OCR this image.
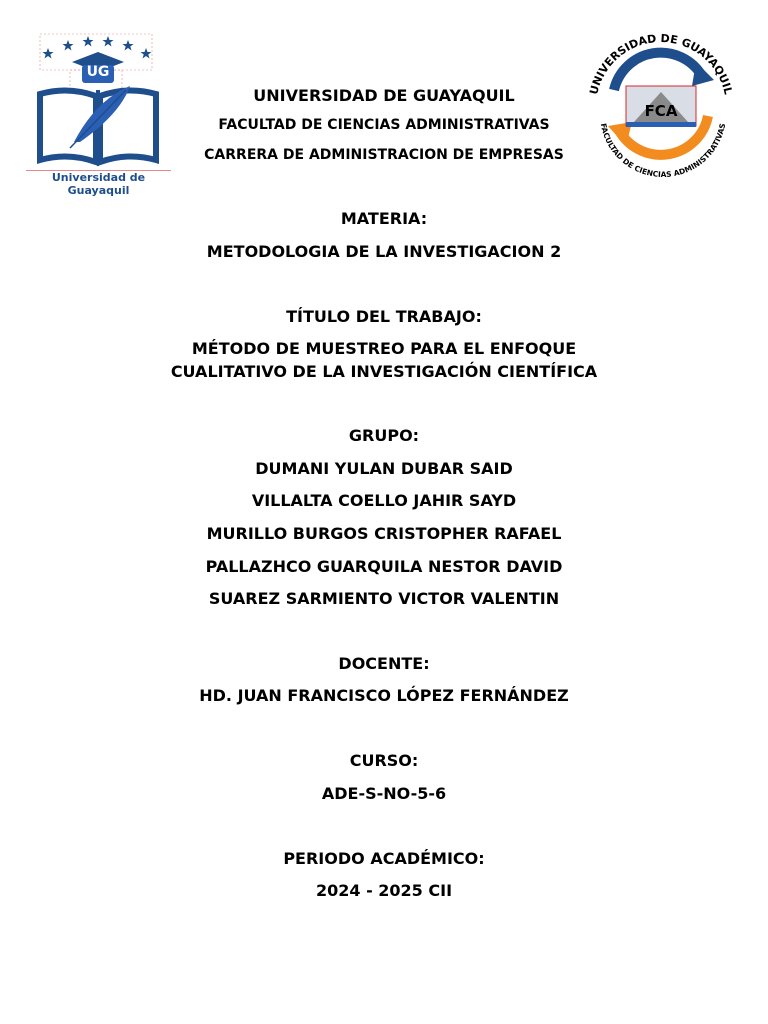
Universidad de Guayaquil
UG
UNIVERSIDAD DE GUAYAQUIL
FACULTAD DE CIENCIAS ADMINISTRATIVAS
FCA
UNIVERSIDAD DE GUAYAQUIL
FACULTAD DE CIENCIAS ADMINISTRATIVAS
CARRERA DE ADMINISTRACION DE EMPRESAS
MATERIA:
METODOLOGIA DE LA INVESTIGACION 2
TÍTULO DEL TRABAJO:
MÉTODO DE MUESTREO PARA EL ENFOQUE
CUALITATIVO DE LA INVESTIGACIÓN CIENTÍFICA
GRUPO:
DUMANI YULAN DUBAR SAID
VILLALTA COELLO JAHIR SAYD
MURILLO BURGOS CRISTOPHER RAFAEL
PALLAZHCO GUARQUILA NESTOR DAVID
SUAREZ SARMIENTO VICTOR VALENTIN
DOCENTE:
HD. JUAN FRANCISCO LÓPEZ FERNÁNDEZ
CURSO:
ADE-S-NO-5-6
PERIODO ACADÉMICO:
2024 - 2025 CII
